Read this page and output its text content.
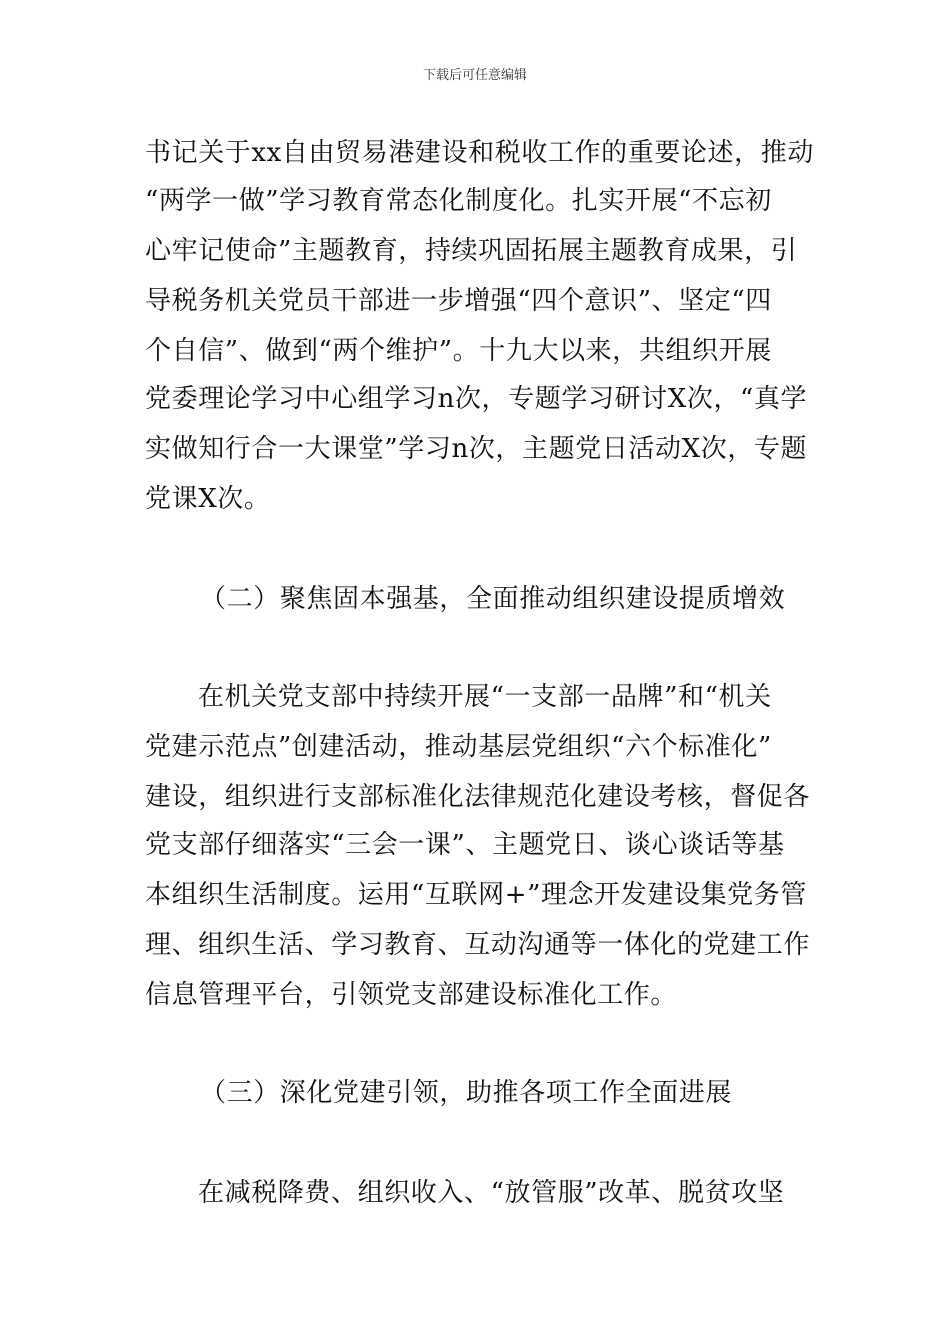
下载后可任意编辑
书记关于xx自由贸易港建设和税收工作的重要论述，推动
“两学一做”学习教育常态化制度化。扎实开展“不忘初
心牢记使命”主题教育，持续巩固拓展主题教育成果，引
导税务机关党员干部进一步增强“四个意识”、坚定“四
个自信”、做到“两个维护”。十九大以来，共组织开展
党委理论学习中心组学习n次，专题学习研讨X次，“真学
实做知行合一大课堂”学习n次，主题党日活动X次，专题
党课X次。
（二）聚焦固本强基，全面推动组织建设提质增效
在机关党支部中持续开展“一支部一品牌”和“机关
党建示范点”创建活动，推动基层党组织“六个标准化”
建设，组织进行支部标准化法律规范化建设考核，督促各
党支部仔细落实“三会一课”、主题党日、谈心谈话等基
本组织生活制度。运用“互联网+”理念开发建设集党务管
理、组织生活、学习教育、互动沟通等一体化的党建工作
信息管理平台，引领党支部建设标准化工作。
（三）深化党建引领，助推各项工作全面进展
在减税降费、组织收入、“放管服”改革、脱贫攻坚
